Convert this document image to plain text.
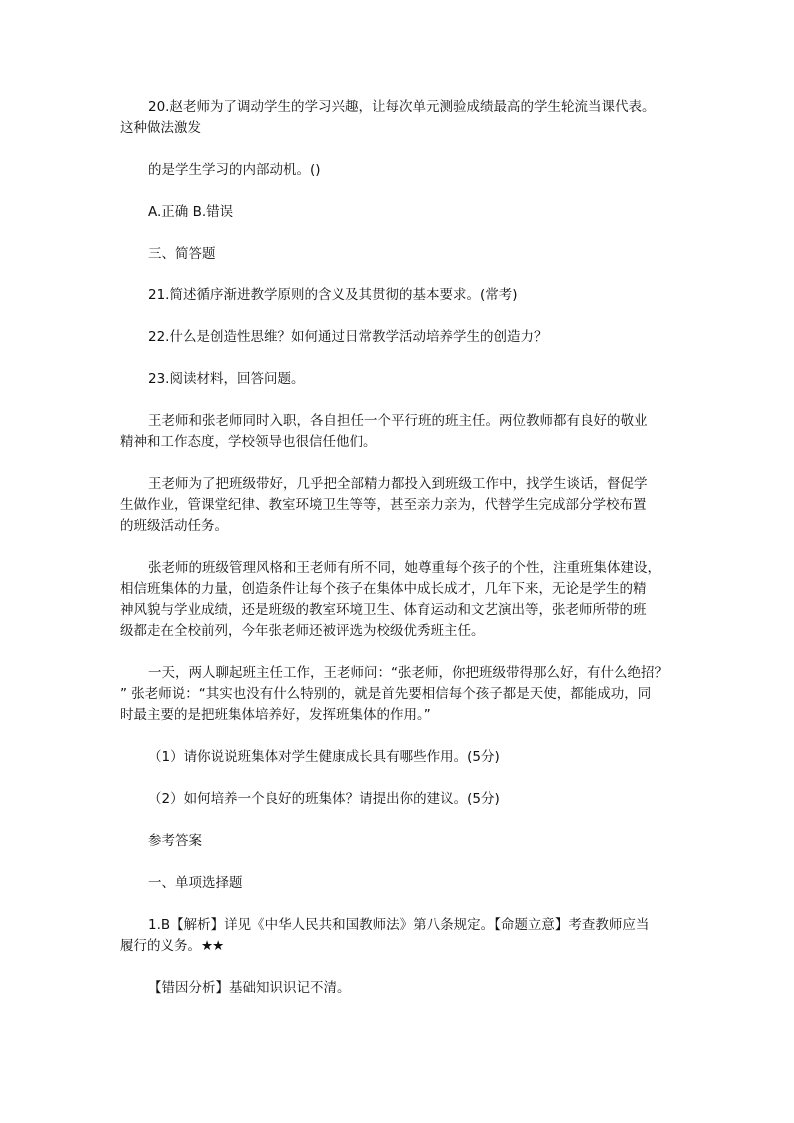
20.赵老师为了调动学生的学习兴趣，让每次单元测验成绩最高的学生轮流当课代表。
这种做法激发
的是学生学习的内部动机。()
A.正确 B.错误
三、简答题
21.简述循序渐进教学原则的含义及其贯彻的基本要求。(常考)
22.什么是创造性思维？如何通过日常教学活动培养学生的创造力？
23.阅读材料，回答问题。
王老师和张老师同时入职，各自担任一个平行班的班主任。两位教师都有良好的敬业
精神和工作态度，学校领导也很信任他们。
王老师为了把班级带好，几乎把全部精力都投入到班级工作中，找学生谈话，督促学
生做作业，管课堂纪律、教室环境卫生等等，甚至亲力亲为，代替学生完成部分学校布置
的班级活动任务。
张老师的班级管理风格和王老师有所不同，她尊重每个孩子的个性，注重班集体建设，
相信班集体的力量，创造条件让每个孩子在集体中成长成才，几年下来，无论是学生的精
神风貌与学业成绩，还是班级的教室环境卫生、体育运动和文艺演出等，张老师所带的班
级都走在全校前列，今年张老师还被评选为校级优秀班主任。
一天，两人聊起班主任工作，王老师问：“张老师，你把班级带得那么好，有什么绝招？
” 张老师说：“其实也没有什么特别的，就是首先要相信每个孩子都是天使，都能成功，同
时最主要的是把班集体培养好，发挥班集体的作用。”
（1）请你说说班集体对学生健康成长具有哪些作用。(5分)
（2）如何培养一个良好的班集体？请提出你的建议。(5分)
参考答案
一、单项选择题
1.B【解析】详见《中华人民共和国教师法》第八条规定。【命题立意】考查教师应当
履行的义务。★★
【错因分析】基础知识识记不清。
